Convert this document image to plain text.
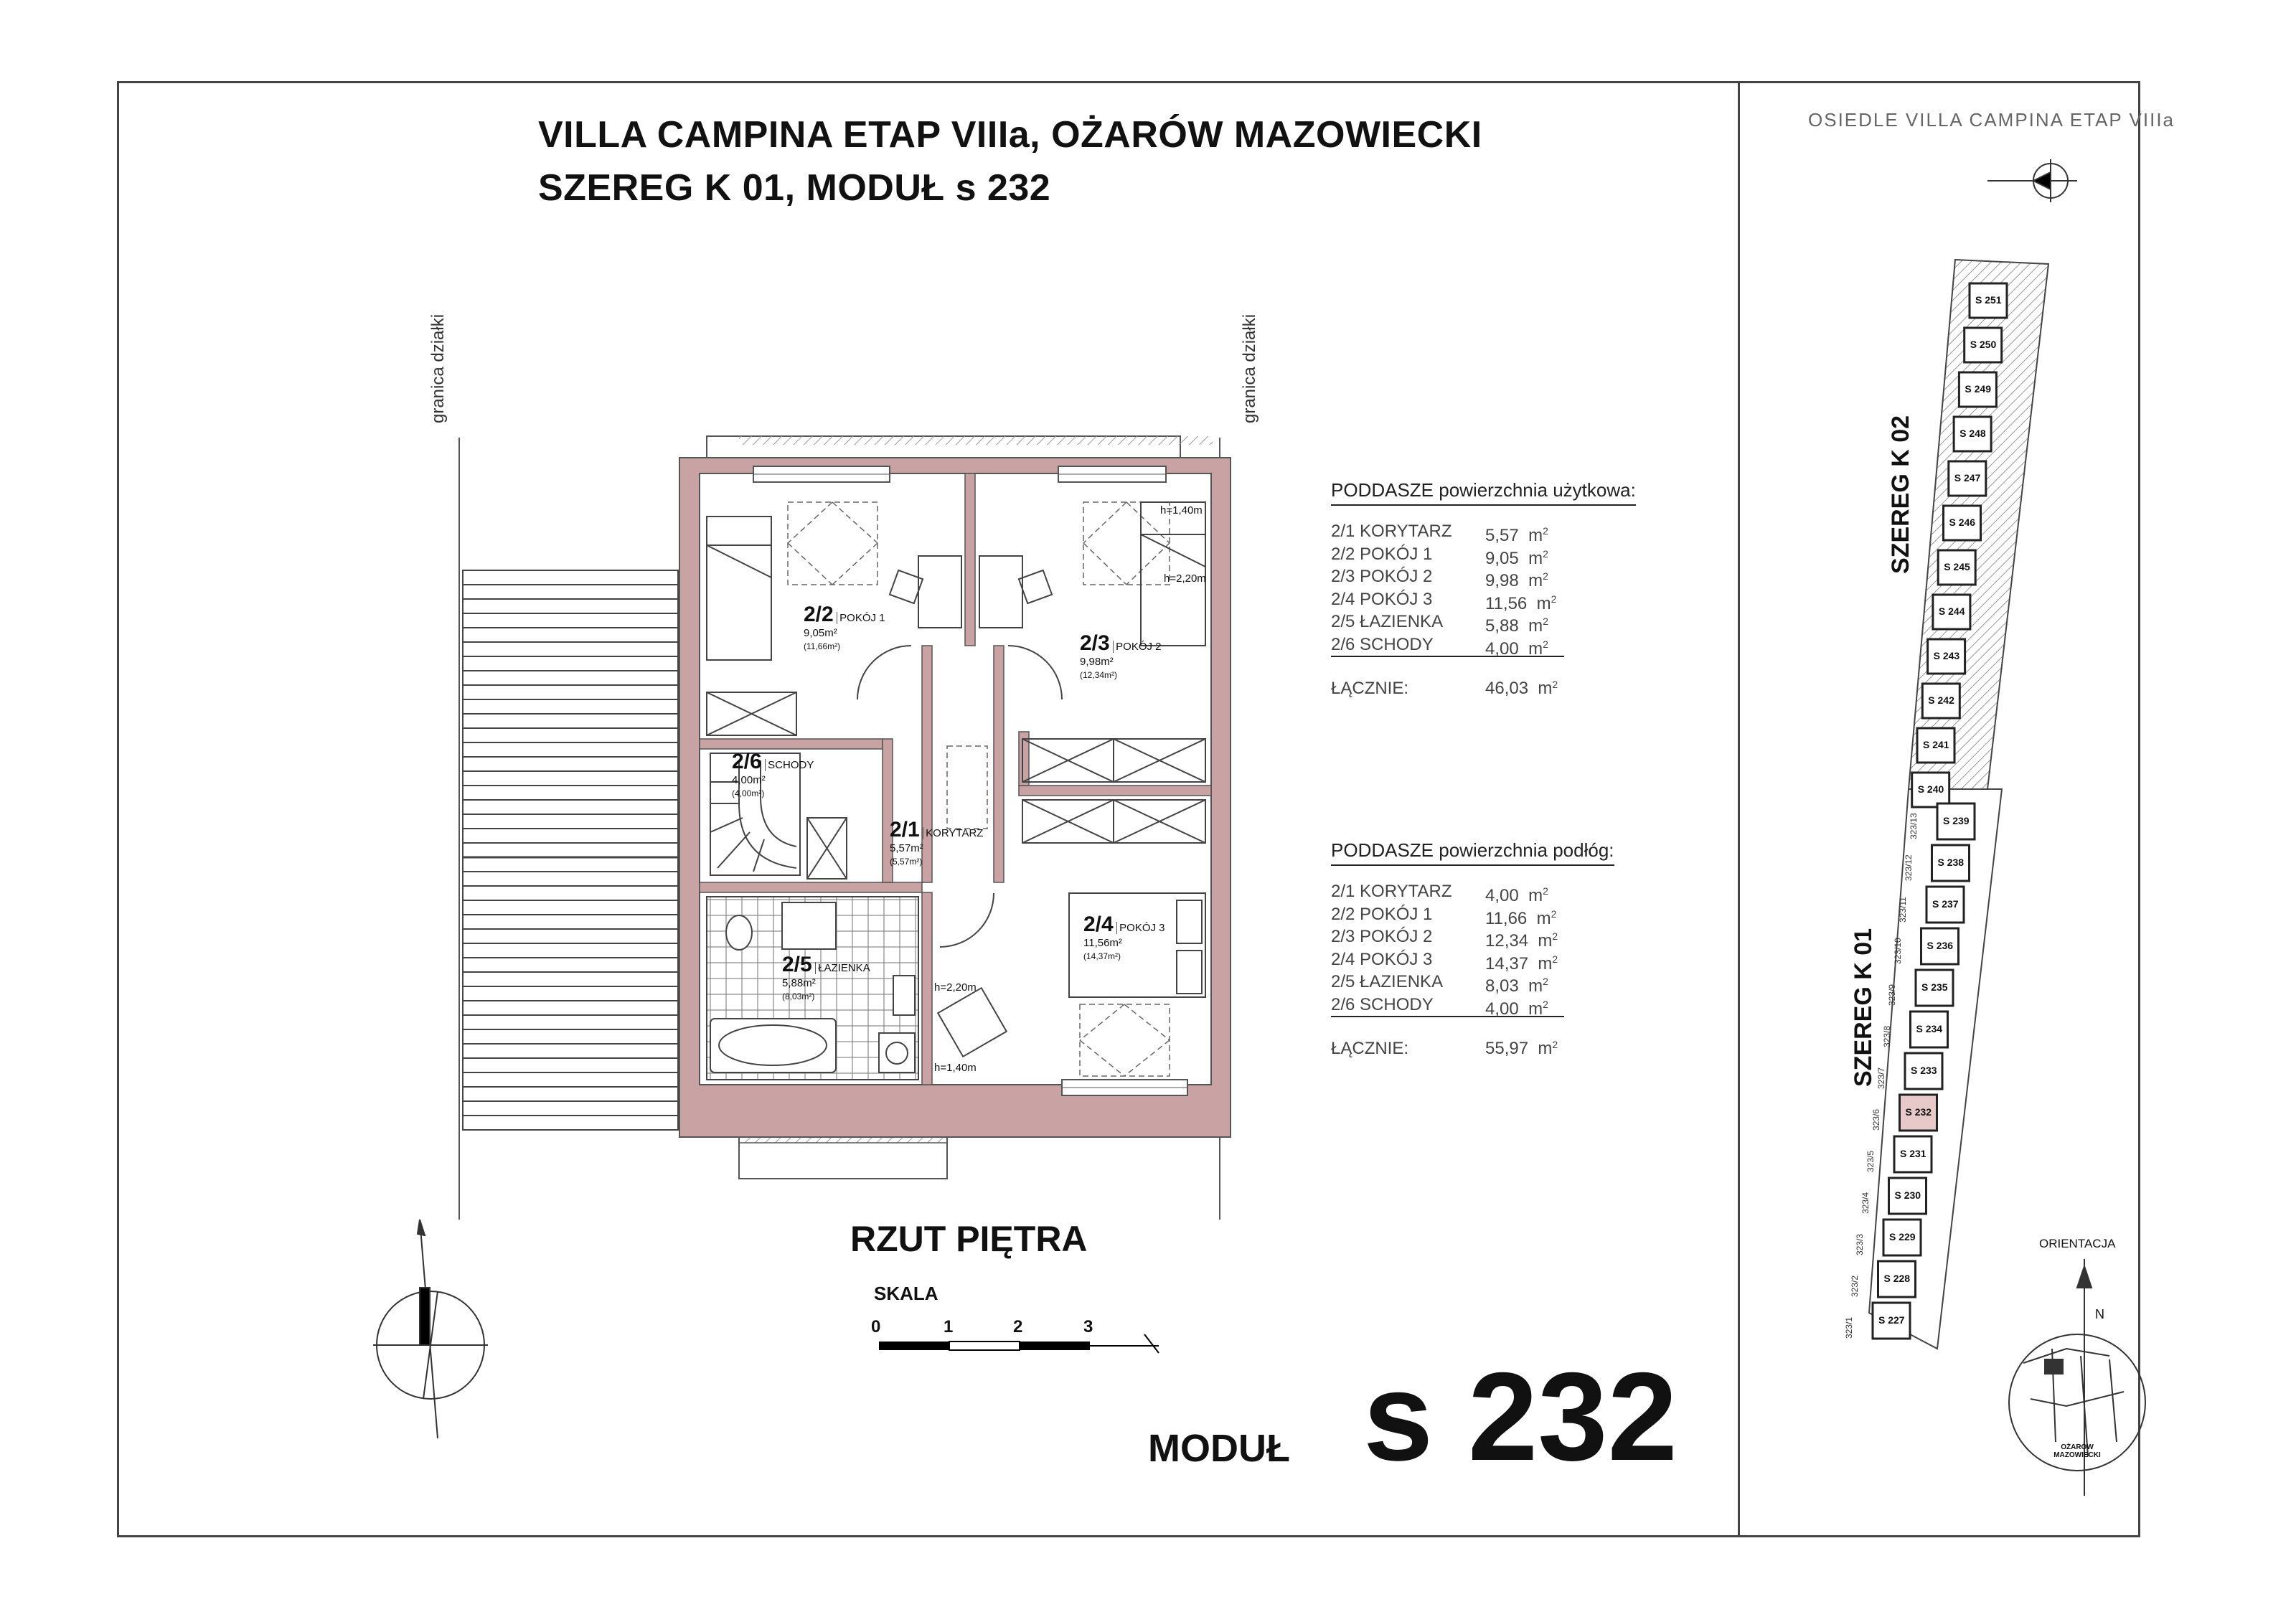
VILLA CAMPINA ETAP VIIIa, OŻARÓW MAZOWIECKI
SZEREG K 01, MODUŁ s 232
granica działki	granica działki
2/2 POKÓJ 1
9,05m²
(11,66m²)	2/3 POKÓJ 2
9,98m²
(12,34m²)
2/6 SCHODY
4,00m²
(4,00m²)
2/1 KORYTARZ
5,57m²
(5,57m²)
2/4 POKÓJ 3
11,56m²
(14,37m²)
2/5 ŁAZIENKA
5,88m²
(8,03m²)
h=1,40m
h=2,20m
h=2,20m
h=1,40m
PODDASZE powierzchnia użytkowa:
2/1 KORYTARZ	5,57 $m^2$
2/2 POKÓJ 1	9,05 $m^2$
2/3 POKÓJ 2	9,98 $m^2$
2/4 POKÓJ 3	11,56 $m^2$
2/5 ŁAZIENKA	5,88 $m^2$
2/6 SCHODY	4,00 $m^2$
ŁĄCZNIE:	46,03
m 2
PODDASZE powierzchnia podłóg:
2/1 KORYTARZ	4,00 $m^2$
2/2 POKÓJ 1	11,66 $m^2$
2/3 POKÓJ 2	12,34 $m^2$
2/4 POKÓJ 3	14,37 $m^2$
2/5 ŁAZIENKA	8,03 $m^2$
2/6 SCHODY	4,00 $m^2$
ŁĄCZNIE:	55,97
m 2
RZUT PIĘTRA
SKALA
0	1	2	3
MODUŁ s 232
OSIEDLE VILLA CAMPINA ETAP VIIIa
SZEREG K 02
SZEREG K 01
ORIENTACJA
N
OŻARÓW MAZOWIECKI
S 251
S 250
S 249
S 248
S 247
S 246
S 245
S 244
S 243
S 242
S 241
S 240
S 239
323/13
S 238
323/12
S 237
323/11
S 236
323/10
S 235
323/9
S 234
323/8
S 233
323/7
S 232
323/6
S 231
323/5
S 230
323/4
S 229
323/3
S 228
323/2
S 227
323/1
